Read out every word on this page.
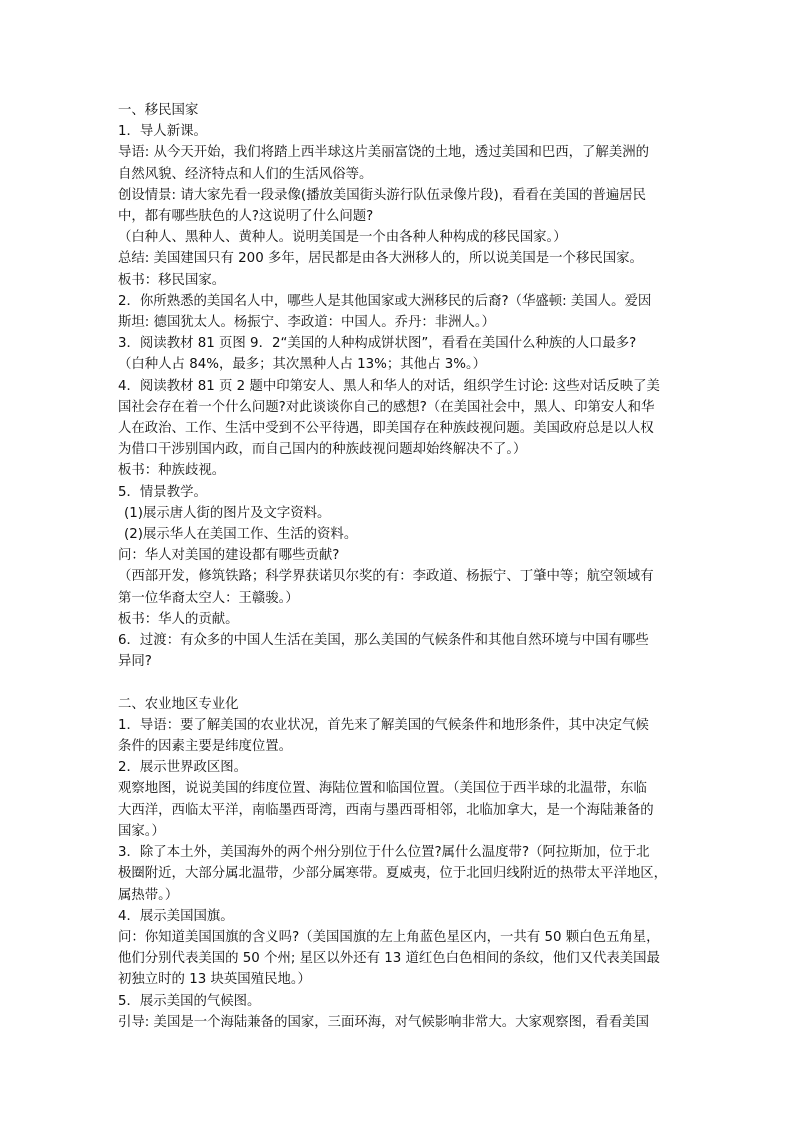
一、移民国家
1．导人新课。
导语: 从今天开始，我们将踏上西半球这片美丽富饶的土地，透过美国和巴西，了解美洲的
自然风貌、经济特点和人们的生活风俗等。
创设情景: 请大家先看一段录像(播放美国街头游行队伍录像片段)，看看在美国的普遍居民
中，都有哪些肤色的人?这说明了什么问题?
（白种人、黑种人、黄种人。说明美国是一个由各种人种构成的移民国家。）
总结: 美国建国只有 200 多年，居民都是由各大洲移人的，所以说美国是一个移民国家。
板书：移民国家。
2．你所熟悉的美国名人中，哪些人是其他国家或大洲移民的后裔?（华盛顿: 美国人。爱因
斯坦: 德国犹太人。杨振宁、李政道：中国人。乔丹：非洲人。）
3．阅读教材 81 页图 9．2“美国的人种构成饼状图”，看看在美国什么种族的人口最多?
（白种人占 84%，最多；其次黑种人占 13%；其他占 3%。）
4．阅读教材 81 页 2 题中印第安人、黑人和华人的对话，组织学生讨论: 这些对话反映了美
国社会存在着一个什么问题?对此谈谈你自己的感想?（在美国社会中，黑人、印第安人和华
人在政治、工作、生活中受到不公平待遇，即美国存在种族歧视问题。美国政府总是以人权
为借口干涉别国内政，而自己国内的种族歧视问题却始终解决不了。）
板书：种族歧视。
5．情景教学。
(1)展示唐人街的图片及文字资料。
(2)展示华人在美国工作、生活的资料。
问：华人对美国的建设都有哪些贡献?
（西部开发，修筑铁路；科学界获诺贝尔奖的有：李政道、杨振宁、丁肇中等；航空领域有
第一位华裔太空人：王赣骏。）
板书：华人的贡献。
6．过渡：有众多的中国人生活在美国，那么美国的气候条件和其他自然环境与中国有哪些
异同?
二、农业地区专业化
1．导语：要了解美国的农业状况，首先来了解美国的气候条件和地形条件，其中决定气候
条件的因素主要是纬度位置。
2．展示世界政区图。
观察地图，说说美国的纬度位置、海陆位置和临国位置。（美国位于西半球的北温带，东临
大西洋，西临太平洋，南临墨西哥湾，西南与墨西哥相邻，北临加拿大，是一个海陆兼备的
国家。）
3．除了本土外，美国海外的两个州分别位于什么位置?属什么温度带?（阿拉斯加，位于北
极圈附近，大部分属北温带，少部分属寒带。夏威夷，位于北回归线附近的热带太平洋地区，
属热带。）
4．展示美国国旗。
问：你知道美国国旗的含义吗?（美国国旗的左上角蓝色星区内，一共有 50 颗白色五角星，
他们分别代表美国的 50 个州; 星区以外还有 13 道红色白色相间的条纹，他们又代表美国最
初独立时的 13 块英国殖民地。）
5．展示美国的气候图。
引导: 美国是一个海陆兼备的国家，三面环海，对气候影响非常大。大家观察图，看看美国
